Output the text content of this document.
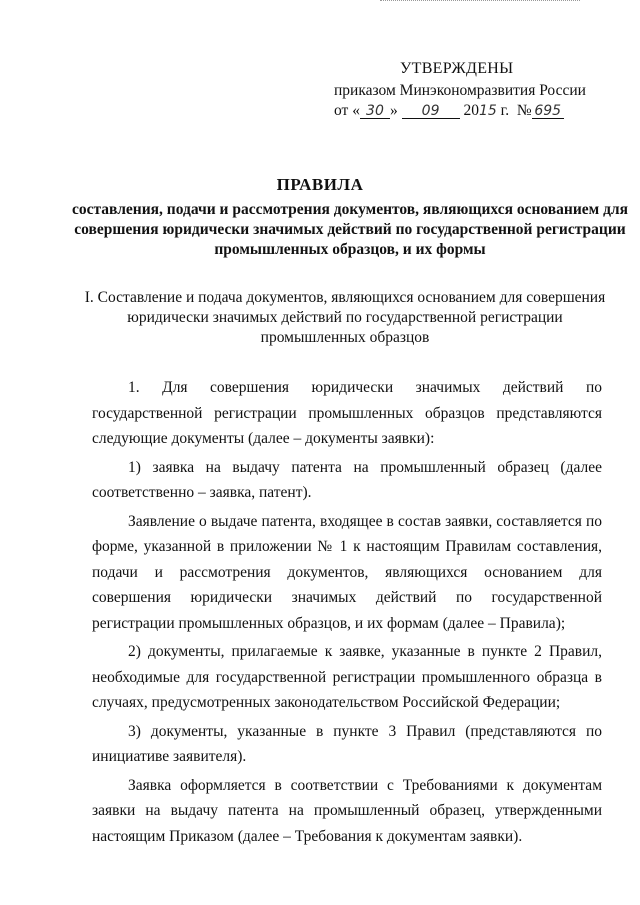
УТВЕРЖДЕНЫ
приказом Минэкономразвития России
от « 30 » 09 2015 г. № 695
ПРАВИЛА
составления, подачи и рассмотрения документов, являющихся основанием для совершения юридически значимых действий по государственной регистрации промышленных образцов, и их формы
I. Составление и подача документов, являющихся основанием для совершения юридически значимых действий по государственной регистрации промышленных образцов

1. Для совершения юридически значимых действий по государственной регистрации промышленных образцов представляются следующие документы (далее – документы заявки):

1) заявка на выдачу патента на промышленный образец (далее соответственно – заявка, патент).

Заявление о выдаче патента, входящее в состав заявки, составляется по форме, указанной в приложении № 1 к настоящим Правилам составления, подачи и рассмотрения документов, являющихся основанием для совершения юридически значимых действий по государственной регистрации промышленных образцов, и их формам (далее – Правила);

2) документы, прилагаемые к заявке, указанные в пункте 2 Правил, необходимые для государственной регистрации промышленного образца в случаях, предусмотренных законодательством Российской Федерации;

3) документы, указанные в пункте 3 Правил (представляются по инициативе заявителя).

Заявка оформляется в соответствии с Требованиями к документам заявки на выдачу патента на промышленный образец, утвержденными настоящим Приказом (далее – Требования к документам заявки).
